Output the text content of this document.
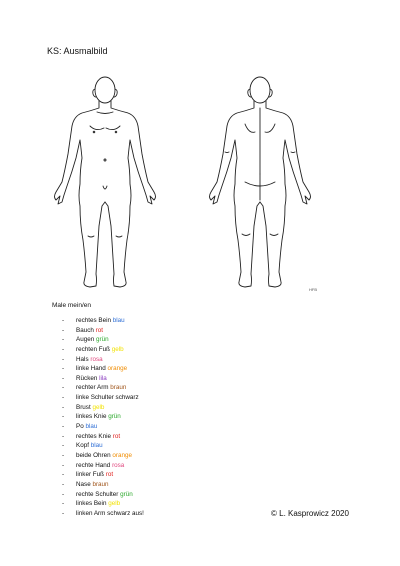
KS: Ausmalbild
HFB
Male mein/en
- rechtes Bein blau
- Bauch rot
- Augen grün
- rechten Fuß gelb
- Hals rosa
- linke Hand orange
- Rücken lila
- rechter Arm braun
- linke Schulter schwarz
- Brust gelb
- linkes Knie grün
- Po blau
- rechtes Knie rot
- Kopf blau
- beide Ohren orange
- rechte Hand rosa
- linker Fuß rot
- Nase braun
- rechte Schulter grün
- linkes Bein gelb
- linken Arm schwarz aus!	© L. Kasprowicz 2020
